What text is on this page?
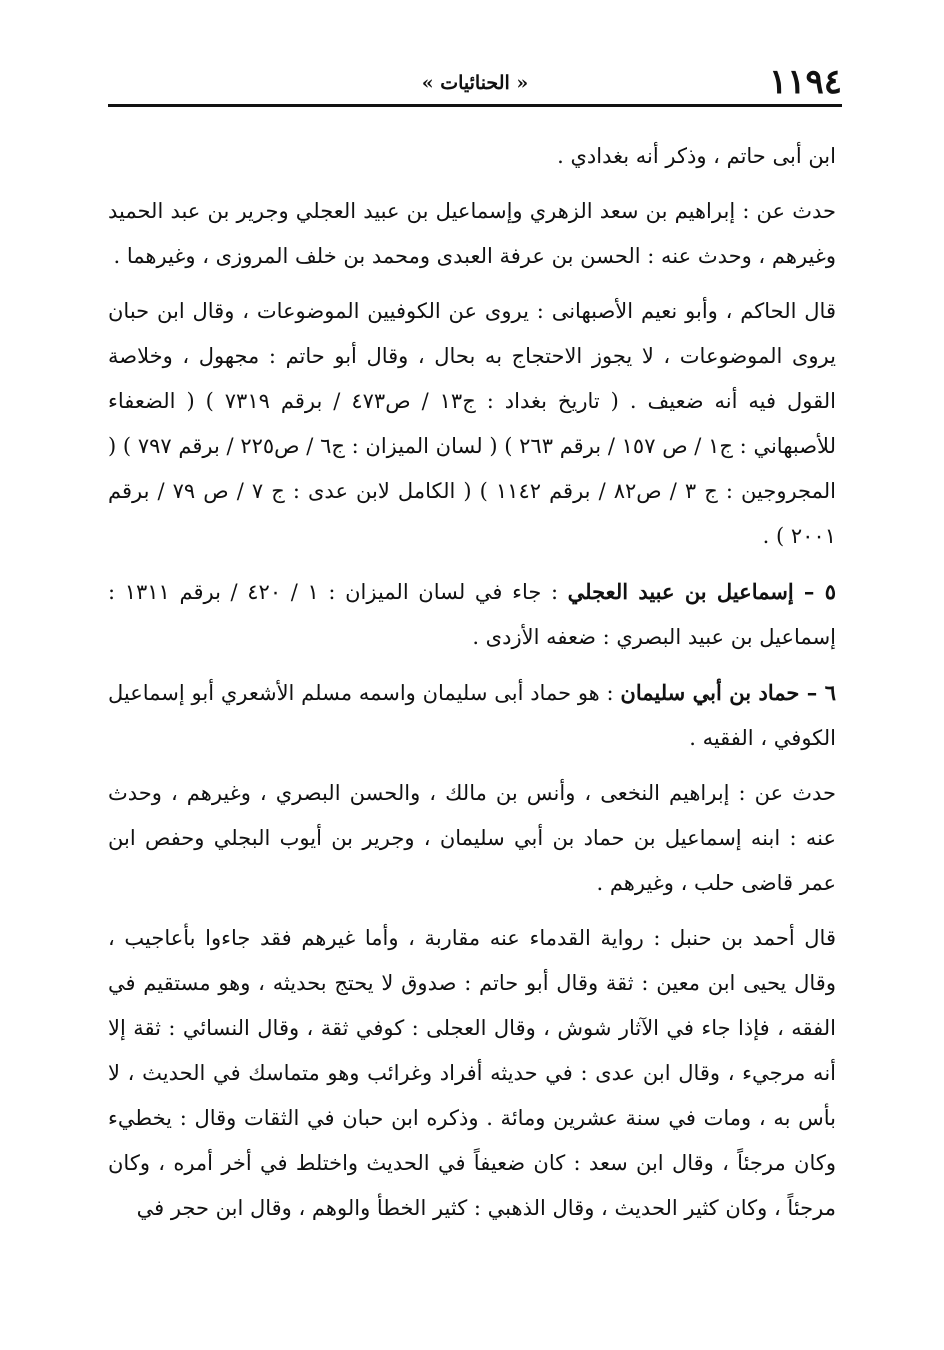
١١٩٤
« الحنائيات »

ابن أبى حاتم ، وذكر أنه بغدادي .

حدث عن : إبراهيم بن سعد الزهري وإسماعيل بن عبيد العجلي وجرير بن عبد الحميد وغيرهم ، وحدث عنه : الحسن بن عرفة العبدى ومحمد بن خلف المروزى ، وغيرهما .

قال الحاكم ، وأبو نعيم الأصبهانى : يروى عن الكوفيين الموضوعات ، وقال ابن حبان يروى الموضوعات ، لا يجوز الاحتجاج به بحال ، وقال أبو حاتم : مجهول ، وخلاصة القول فيه أنه ضعيف . ( تاريخ بغداد : ج١٣ / ص٤٧٣ / برقم ٧٣١٩ ) ( الضعفاء للأصبهاني : ج١ / ص ١٥٧ / برقم ٢٦٣ ) ( لسان الميزان : ج٦ / ص٢٢٥ / برقم ٧٩٧ ) ( المجروجين : ج ٣ / ص٨٢ / برقم ١١٤٢ ) ( الكامل لابن عدى : ج ٧ / ص ٧٩ / برقم ٢٠٠١ ) .

٥ – إسماعيل بن عبيد العجلي : جاء في لسان الميزان : ١ / ٤٢٠ / برقم ١٣١١ : إسماعيل بن عبيد البصري : ضعفه الأزدى .

٦ – حماد بن أبي سليمان : هو حماد أبى سليمان واسمه مسلم الأشعري أبو إسماعيل الكوفي ، الفقيه .

حدث عن : إبراهيم النخعى ، وأنس بن مالك ، والحسن البصري ، وغيرهم ، وحدث عنه : ابنه إسماعيل بن حماد بن أبي سليمان ، وجرير بن أيوب البجلي وحفص ابن عمر قاضى حلب ، وغيرهم .

قال أحمد بن حنبل : رواية القدماء عنه مقاربة ، وأما غيرهم فقد جاءوا بأعاجيب ، وقال يحيى ابن معين : ثقة وقال أبو حاتم : صدوق لا يحتج بحديثه ، وهو مستقيم في الفقه ، فإذا جاء في الآثار شوش ، وقال العجلى : كوفي ثقة ، وقال النسائي : ثقة إلا أنه مرجيء ، وقال ابن عدى : في حديثه أفراد وغرائب وهو متماسك في الحديث ، لا بأس به ، ومات في سنة عشرين ومائة . وذكره ابن حبان في الثقات وقال : يخطيء وكان مرجئاً ، وقال ابن سعد : كان ضعيفاً في الحديث واختلط في أخر أمره ، وكان مرجئاً ، وكان كثير الحديث ، وقال الذهبي : كثير الخطأ والوهم ، وقال ابن حجر في
